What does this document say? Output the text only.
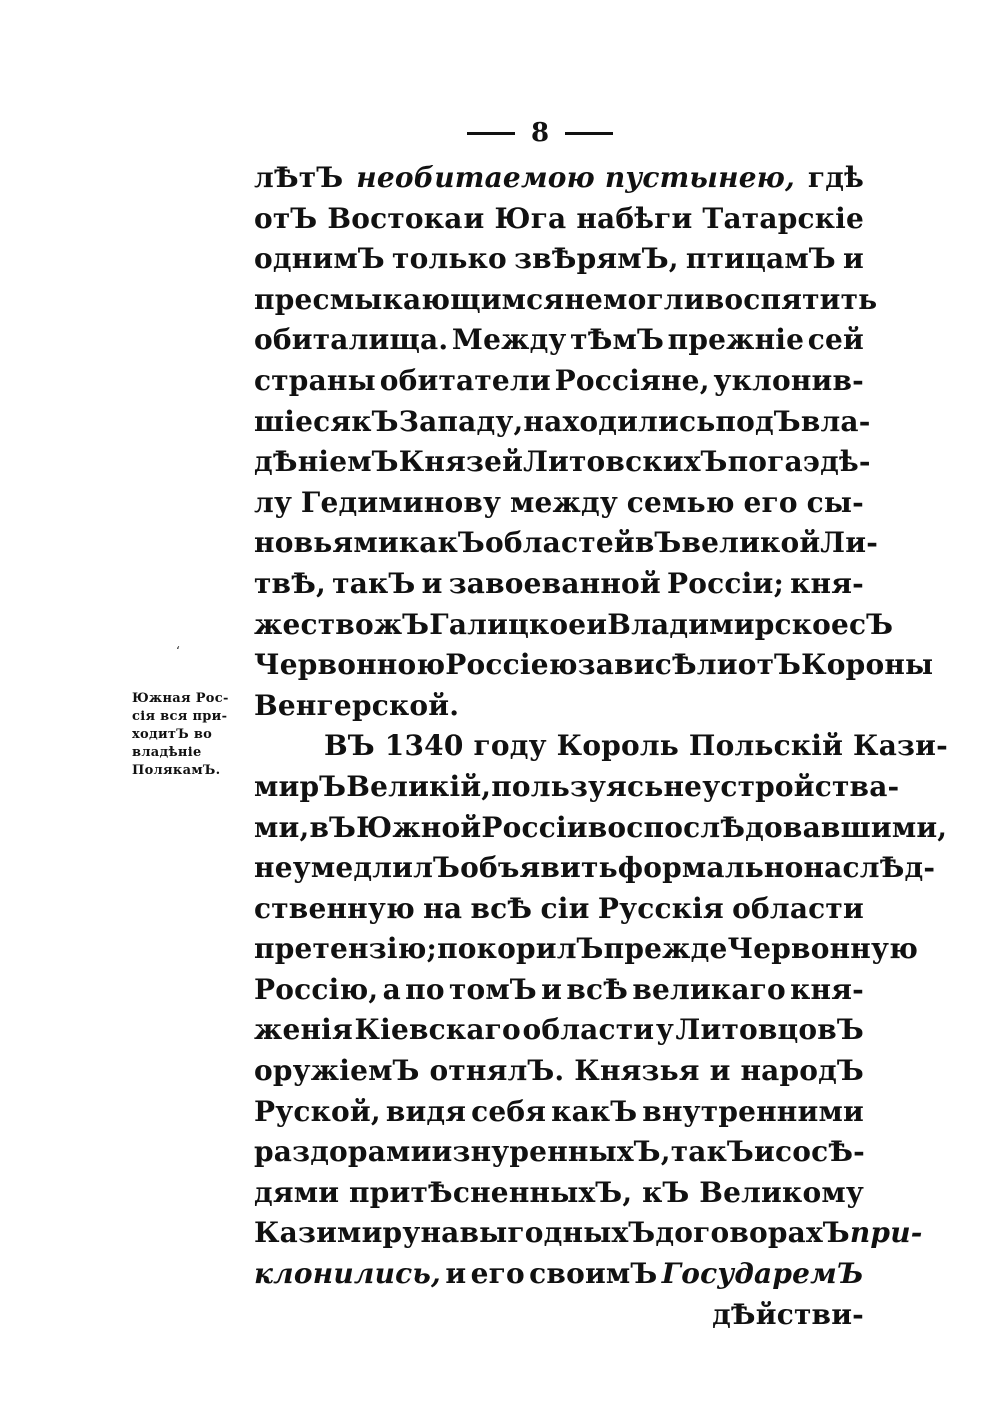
8
ʻ
Южная Рос-
сія вся при-
ходитЪ во
владѣніе
ПолякамЪ.
лѢтЪ необитаемою пустынею, гдѣ
отЪ Востока и Юга набѣги Татарскіе
однимЪ только звѢрямЪ, птицамЪ и
пресмыкающимся не могли воспятить
обиталища. Между тѢмЪ прежніе сей
страны обитатели Россіяне, уклонив-
шіеся кЪ Западу, находились подЪ вла-
дѢніемЪ Князей ЛитовскихЪ по гаэдѣ-
лу Гедиминову между семью его сы-
новьями какЪ областей вЪ великой Ли-
твѢ, такЪ и завоеванной Россіи; кня-
жествожЪ Галицкое и Владимирское сЪ
Червонною Россіею зависѢли отЪ Короны
Венгерской.
ВЪ 1340 году Король Польскій Кази-
мирЪ Великій, пользуясь неустройства-
ми, вЪ Южной Россіи воспослѢдовавшими,
не умедлилЪ объявить формально наслѢд-
ственную на всѢ сіи Русскія области
претензію; покорилЪ прежде Червонную
Россію, а по томЪ и всѢ великаго кня-
женія Кіевскаго области у ЛитовцовЪ
оружіемЪ отнялЪ. Князья и народЪ
Руской, видя себя какЪ внутренними
раздорами изнуренныхЪ, такЪ и сосѢ-
дями притѢсненныхЪ, кЪ Великому
Казимиру на выгодныхЪ договорахЪ при-
клонились, и его своимЪ ГосударемЪ
дѢйстви-
